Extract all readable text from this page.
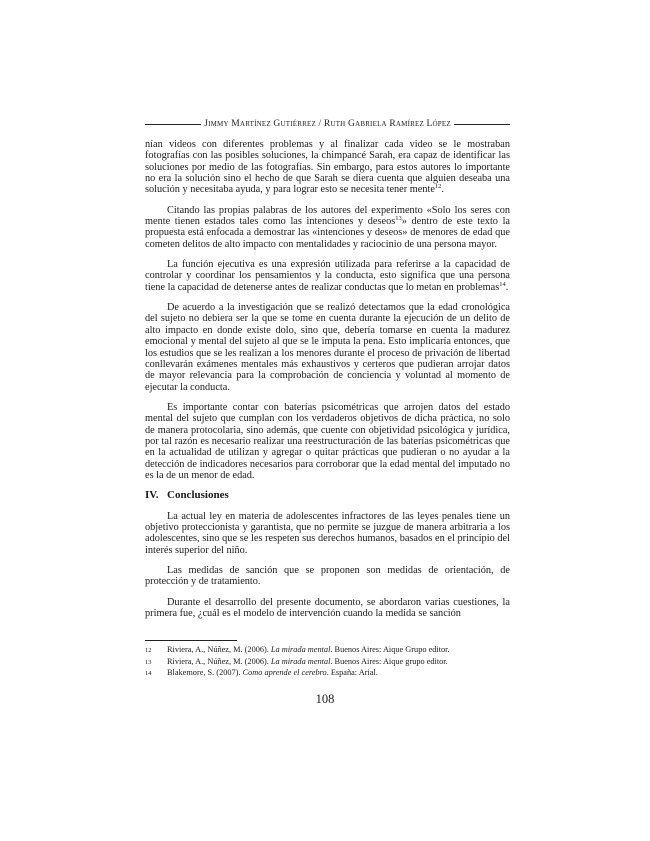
Jimmy Martínez Gutiérrez / Ruth Gabriela Ramírez López

nían videos con diferentes problemas y al finalizar cada video se le mostraban fotografías con las posibles soluciones, la chimpancé Sarah, era capaz de identificar las soluciones por medio de las fotografías. Sin embargo, para estos autores lo importante no era la solución sino el hecho de que Sarah se diera cuenta que alguien deseaba una solución y necesitaba ayuda, y para lograr esto se necesita tener mente$^{12}$.

Citando las propias palabras de los autores del experimento «Solo los seres con mente tienen estados tales como las intenciones y deseos$^{13}$» dentro de este texto la propuesta está enfocada a demostrar las «intenciones y deseos» de menores de edad que cometen delitos de alto impacto con mentalidades y raciocinio de una persona mayor.

La función ejecutiva es una expresión utilizada para referirse a la capacidad de controlar y coordinar los pensamientos y la conducta, esto significa que una persona tiene la capacidad de detenerse antes de realizar conductas que lo metan en problemas$^{14}$.

De acuerdo a la investigación que se realizó detectamos que la edad cronológica del sujeto no debiera ser la que se tome en cuenta durante la ejecución de un delito de alto impacto en donde existe dolo, sino que, debería tomarse en cuenta la madurez emocional y mental del sujeto al que se le imputa la pena. Esto implicaría entonces, que los estudios que se les realizan a los menores durante el proceso de privación de libertad conllevarán exámenes mentales más exhaustivos y certeros que pudieran arrojar datos de mayor relevancia para la comprobación de conciencia y voluntad al momento de ejecutar la conducta.

Es importante contar con baterías psicométricas que arrojen datos del estado mental del sujeto que cumplan con los verdaderos objetivos de dicha práctica, no solo de manera protocolaria, sino además, que cuente con objetividad psicológica y jurídica, por tal razón es necesario realizar una reestructuración de las baterías psicométricas que en la actualidad de utilizan y agregar o quitar prácticas que pudieran o no ayudar a la detección de indicadores necesarios para corroborar que la edad mental del imputado no es la de un menor de edad.

IV. Conclusiones

La actual ley en materia de adolescentes infractores de las leyes penales tiene un objetivo proteccionista y garantista, que no permite se juzgue de manera arbitraria a los adolescentes, sino que se les respeten sus derechos humanos, basados en el principio del interés superior del niño.

Las medidas de sanción que se proponen son medidas de orientación, de protección y de tratamiento.

Durante el desarrollo del presente documento, se abordaron varias cuestiones, la primera fue, ¿cuál es el modelo de intervención cuando la medida se sanción

12	Riviera, A., Núñez, M. (2006). La mirada mental. Buenos Aires: Aique Grupo editor.
13	Riviera, A., Núñez, M. (2006). La mirada mental. Buenos Aires: Aique grupo editor.
14	Blakemore, S. (2007). Como aprende el cerebro. España: Arial.
108
